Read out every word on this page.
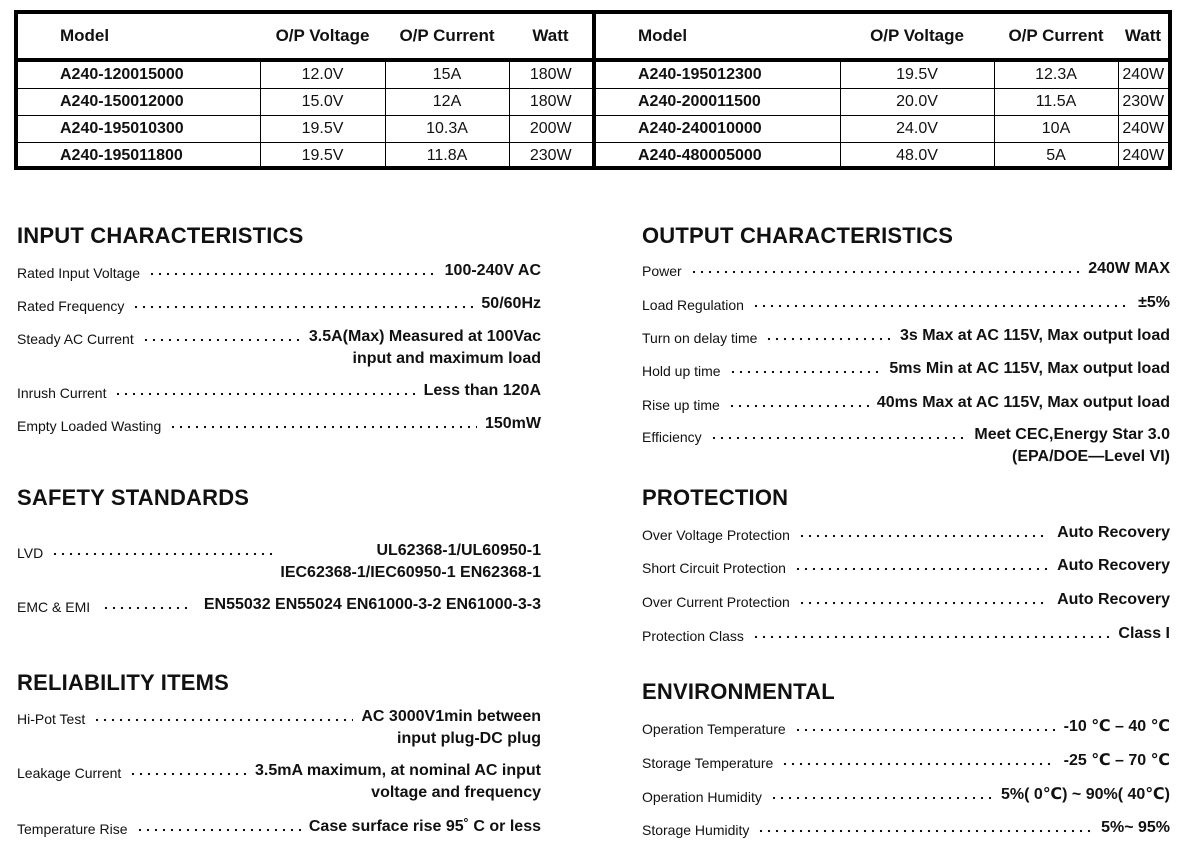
Model	O/P Voltage	O/P Current	Watt
A240-120015000	12.0V	15A	180W
A240-150012000	15.0V	12A	180W
A240-195010300	19.5V	10.3A	200W
A240-195011800	19.5V	11.8A	230W
Model	O/P Voltage	O/P Current	Watt
A240-195012300	19.5V	12.3A	240W
A240-200011500	20.0V	11.5A	230W
A240-240010000	24.0V	10A	240W
A240-480005000	48.0V	5A	240W
INPUT CHARACTERISTICS
Rated Input Voltage	100-240V AC
Rated Frequency	50/60Hz
Steady AC Current	3.5A(Max) Measured at 100Vac
input and maximum load
Inrush Current	Less than 120A
Empty Loaded Wasting	150mW
SAFETY STANDARDS
LVD	UL62368-1/UL60950-1
IEC62368-1/IEC60950-1 EN62368-1
EMC & EMI	EN55032 EN55024 EN61000-3-2 EN61000-3-3
RELIABILITY ITEMS
Hi-Pot Test	AC 3000V1min between
input plug-DC plug
Leakage Current	3.5mA maximum, at nominal AC input
voltage and frequency
Temperature Rise	Case surface rise 95˚ C or less
OUTPUT CHARACTERISTICS
Power	240W MAX
Load Regulation	±5%
Turn on delay time	3s Max at AC 115V, Max output load
Hold up time	5ms Min at AC 115V, Max output load
Rise up time	40ms Max at AC 115V, Max output load
Efficiency	Meet CEC,Energy Star 3.0
(EPA/DOE—Level VI)
PROTECTION
Over Voltage Protection	Auto Recovery
Short Circuit Protection	Auto Recovery
Over Current Protection	Auto Recovery
Protection Class	Class I
ENVIRONMENTAL
Operation Temperature	-10 ℃ – 40 ℃
Storage Temperature	-25 ℃ – 70 ℃
Operation Humidity	5%( 0℃) ~ 90%( 40℃)
Storage Humidity	5%~ 95%
